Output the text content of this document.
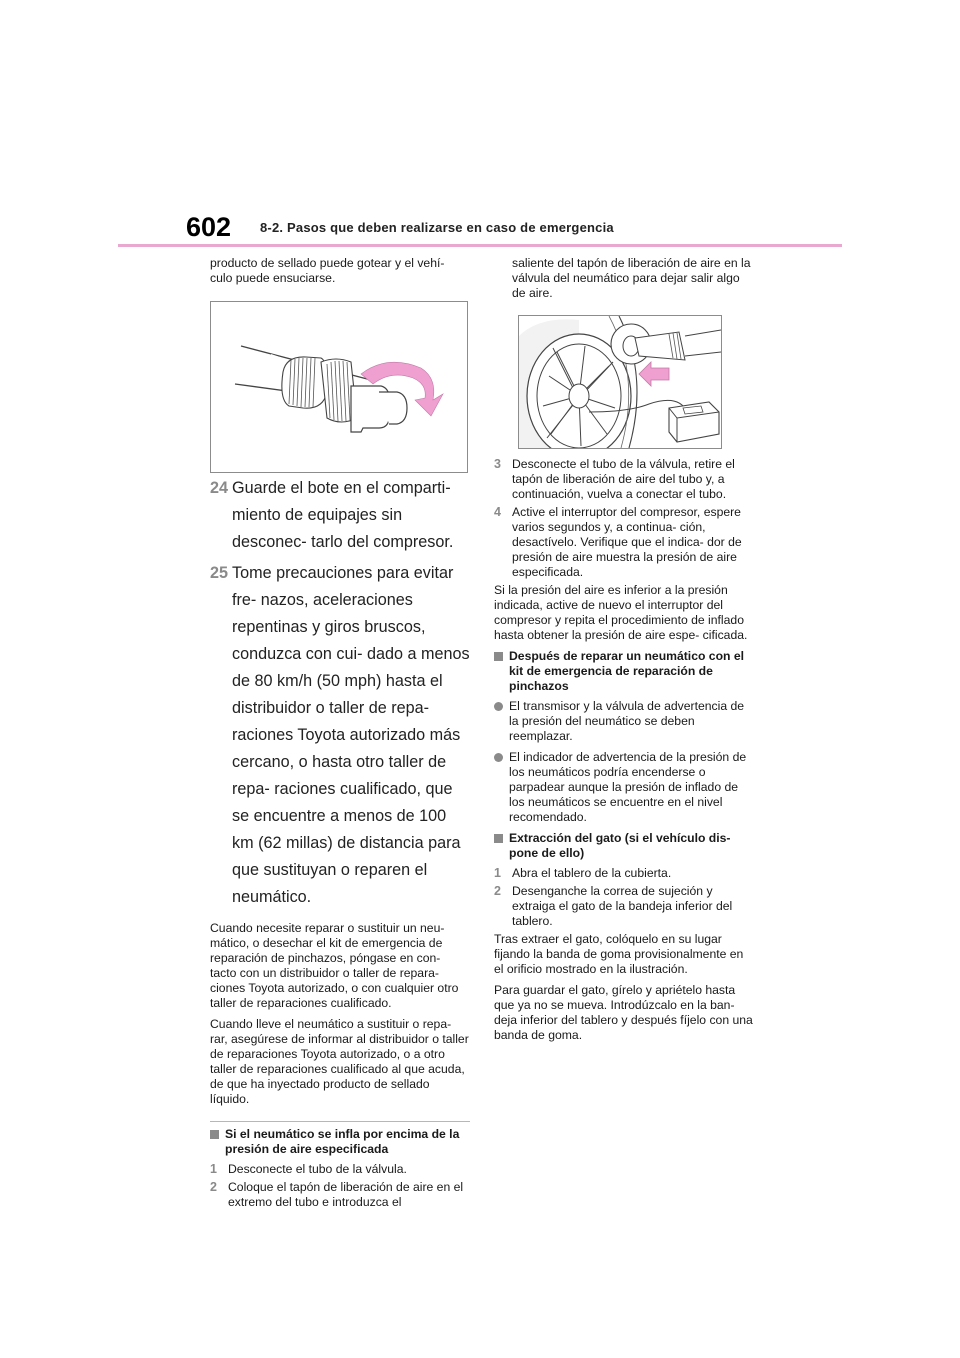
602 8-2. Pasos que deben realizarse en caso de emergencia

producto de sellado puede gotear y el vehí- culo puede ensuciarse.

24 Guarde el bote en el comparti- miento de equipajes sin desconec- tarlo del compresor.
25 Tome precauciones para evitar fre- nazos, aceleraciones repentinas y giros bruscos, conduzca con cui- dado a menos de 80 km/h (50 mph) hasta el distribuidor o taller de repa- raciones Toyota autorizado más cercano, o hasta otro taller de repa- raciones cualificado, que se encuentre a menos de 100 km (62 millas) de distancia para que sustituyan o reparen el neumático.

Cuando necesite reparar o sustituir un neu- mático, o desechar el kit de emergencia de reparación de pinchazos, póngase en con- tacto con un distribuidor o taller de repara- ciones Toyota autorizado, o con cualquier otro taller de reparaciones cualificado.

Cuando lleve el neumático a sustituir o repa- rar, asegúrese de informar al distribuidor o taller de reparaciones Toyota autorizado, o a otro taller de reparaciones cualificado al que acuda, de que ha inyectado producto de sellado líquido.

Si el neumático se infla por encima de la presión de aire especificada
1 Desconecte el tubo de la válvula.
2 Coloque el tapón de liberación de aire en el extremo del tubo e introduzca el

saliente del tapón de liberación de aire en la válvula del neumático para dejar salir algo de aire.

3 Desconecte el tubo de la válvula, retire el tapón de liberación de aire del tubo y, a continuación, vuelva a conectar el tubo.
4 Active el interruptor del compresor, espere varios segundos y, a continua- ción, desactívelo. Verifique que el indica- dor de presión de aire muestra la presión de aire especificada.

Si la presión del aire es inferior a la presión indicada, active de nuevo el interruptor del compresor y repita el procedimiento de inflado hasta obtener la presión de aire espe- cificada.

Después de reparar un neumático con el kit de emergencia de reparación de pinchazos
El transmisor y la válvula de advertencia de la presión del neumático se deben reemplazar.
El indicador de advertencia de la presión de los neumáticos podría encenderse o parpadear aunque la presión de inflado de los neumáticos se encuentre en el nivel recomendado.
Extracción del gato (si el vehículo dis- pone de ello)
1 Abra el tablero de la cubierta.
2 Desenganche la correa de sujeción y extraiga el gato de la bandeja inferior del tablero.

Tras extraer el gato, colóquelo en su lugar fijando la banda de goma provisionalmente en el orificio mostrado en la ilustración.

Para guardar el gato, gírelo y apriételo hasta que ya no se mueva. Introdúzcalo en la ban- deja inferior del tablero y después fíjelo con una banda de goma.
